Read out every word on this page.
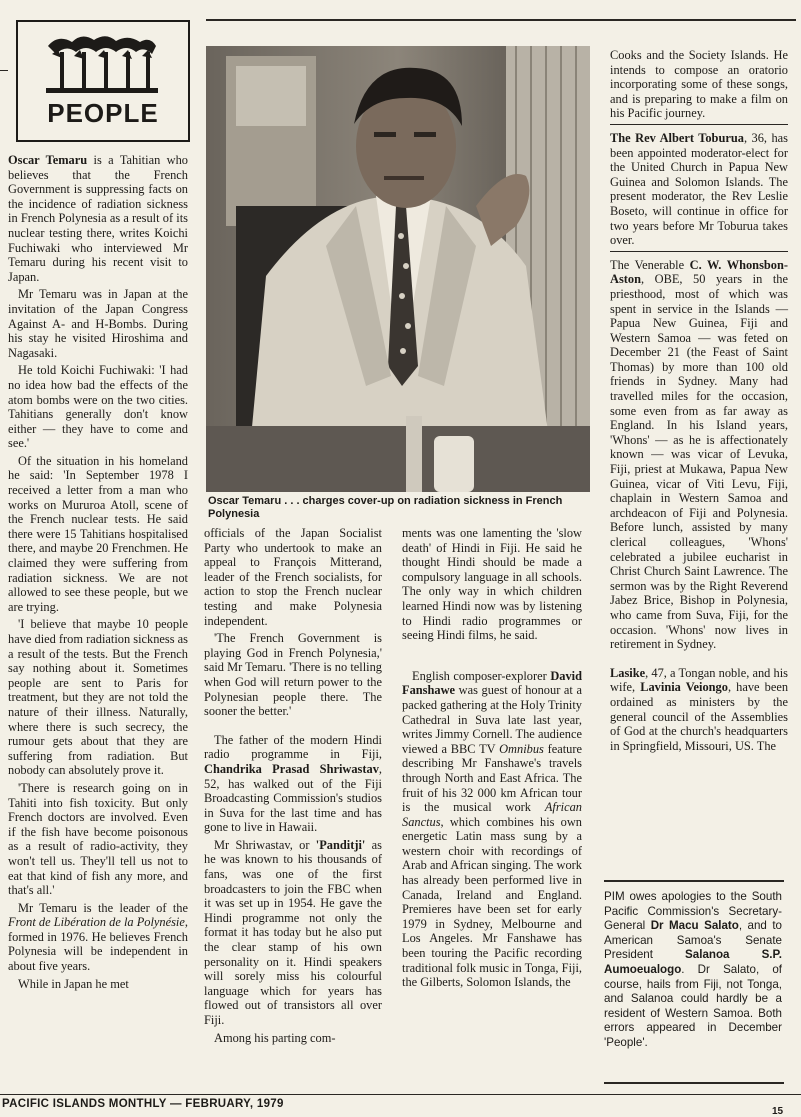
PEOPLE
Oscar Temaru . . . charges cover-up on radiation sickness in French Polynesia

Oscar Temaru is a Tahitian who believes that the French Government is suppressing facts on the incidence of radiation sickness in French Polynesia as a result of its nuclear testing there, writes Koichi Fuchiwaki who interviewed Mr Temaru during his recent visit to Japan.

Mr Temaru was in Japan at the invitation of the Japan Congress Against A- and H-Bombs. During his stay he visited Hiroshima and Nagasaki.

He told Koichi Fuchiwaki: 'I had no idea how bad the effects of the atom bombs were on the two cities. Tahitians generally don't know either — they have to come and see.'

Of the situation in his homeland he said: 'In September 1978 I received a letter from a man who works on Mururoa Atoll, scene of the French nuclear tests. He said there were 15 Tahitians hospitalised there, and maybe 20 Frenchmen. He claimed they were suffering from radiation sickness. We are not allowed to see these people, but we are trying.

'I believe that maybe 10 people have died from radiation sickness as a result of the tests. But the French say nothing about it. Sometimes people are sent to Paris for treatment, but they are not told the nature of their illness. Naturally, where there is such secrecy, the rumour gets about that they are suffering from radiation. But nobody can absolutely prove it.

'There is research going on in Tahiti into fish toxicity. But only French doctors are involved. Even if the fish have become poisonous as a result of radio-activity, they won't tell us. They'll tell us not to eat that kind of fish any more, and that's all.'

Mr Temaru is the leader of the Front de Libération de la Polynésie, formed in 1976. He believes French Polynesia will be independent in about five years.

While in Japan he met

officials of the Japan Socialist Party who undertook to make an appeal to François Mitterand, leader of the French socialists, for action to stop the French nuclear testing and make Polynesia independent.

'The French Government is playing God in French Polynesia,' said Mr Temaru. 'There is no telling when God will return power to the Polynesian people there. The sooner the better.'

The father of the modern Hindi radio programme in Fiji, Chandrika Prasad Shriwastav, 52, has walked out of the Fiji Broadcasting Commission's studios in Suva for the last time and has gone to live in Hawaii.

Mr Shriwastav, or 'Panditji' as he was known to his thousands of fans, was one of the first broadcasters to join the FBC when it was set up in 1954. He gave the Hindi programme not only the format it has today but he also put the clear stamp of his own personality on it. Hindi speakers will sorely miss his colourful language which for years has flowed out of transistors all over Fiji.

Among his parting com-

ments was one lamenting the 'slow death' of Hindi in Fiji. He said he thought Hindi should be made a compulsory language in all schools. The only way in which children learned Hindi now was by listening to Hindi radio programmes or seeing Hindi films, he said.

English composer-explorer David Fanshawe was guest of honour at a packed gathering at the Holy Trinity Cathedral in Suva late last year, writes Jimmy Cornell. The audience viewed a BBC TV Omnibus feature describing Mr Fanshawe's travels through North and East Africa. The fruit of his 32 000 km African tour is the musical work African Sanctus, which combines his own energetic Latin mass sung by a western choir with recordings of Arab and African singing. The work has already been performed live in Canada, Ireland and England. Premieres have been set for early 1979 in Sydney, Melbourne and Los Angeles. Mr Fanshawe has been touring the Pacific recording traditional folk music in Tonga, Fiji, the Gilberts, Solomon Islands, the

Cooks and the Society Islands. He intends to compose an oratorio incorporating some of these songs, and is preparing to make a film on his Pacific journey.

The Rev Albert Toburua, 36, has been appointed moderator-elect for the United Church in Papua New Guinea and Solomon Islands. The present moderator, the Rev Leslie Boseto, will continue in office for two years before Mr Toburua takes over.

The Venerable C. W. Whonsbon-Aston, OBE, 50 years in the priesthood, most of which was spent in service in the Islands — Papua New Guinea, Fiji and Western Samoa — was feted on December 21 (the Feast of Saint Thomas) by more than 100 old friends in Sydney. Many had travelled miles for the occasion, some even from as far away as England. In his Island years, 'Whons' — as he is affectionately known — was vicar of Levuka, Fiji, priest at Mukawa, Papua New Guinea, vicar of Viti Levu, Fiji, chaplain in Western Samoa and archdeacon of Fiji and Polynesia. Before lunch, assisted by many clerical colleagues, 'Whons' celebrated a jubilee eucharist in Christ Church Saint Lawrence. The sermon was by the Right Reverend Jabez Brice, Bishop in Polynesia, who came from Suva, Fiji, for the occasion. 'Whons' now lives in retirement in Sydney.

Lasike, 47, a Tongan noble, and his wife, Lavinia Veiongo, have been ordained as ministers by the general council of the Assemblies of God at the church's headquarters in Springfield, Missouri, US. The

PIM owes apologies to the South Pacific Commission's Secretary-General Dr Macu Salato, and to American Samoa's Senate President Salanoa S.P. Aumoeualogo. Dr Salato, of course, hails from Fiji, not Tonga, and Salanoa could hardly be a resident of Western Samoa. Both errors appeared in December 'People'.

PACIFIC ISLANDS MONTHLY — FEBRUARY, 1979
15
